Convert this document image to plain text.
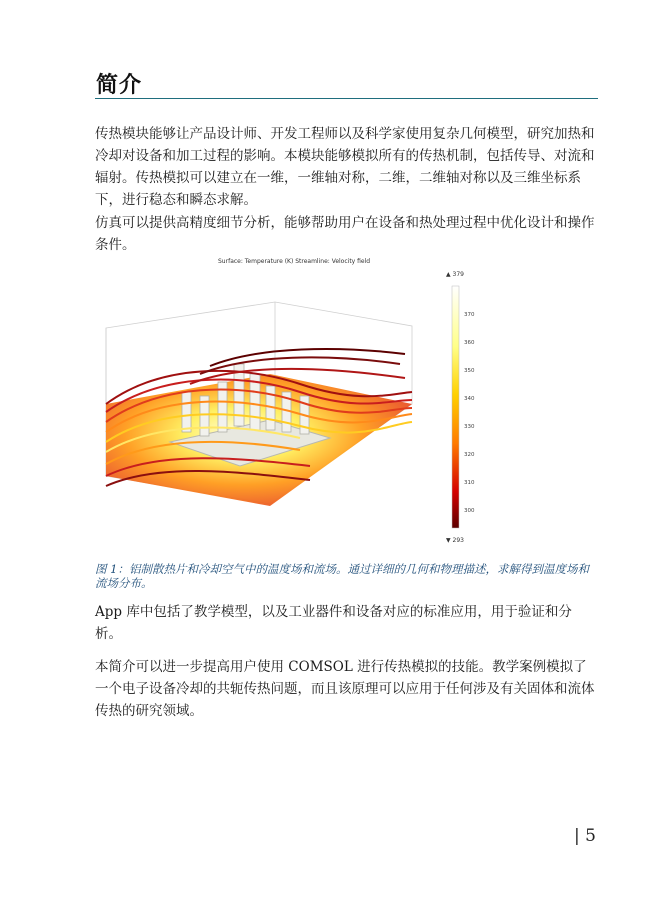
简介

传热模块能够让产品设计师、开发工程师以及科学家使用复杂几何模型，研究加热和冷却对设备和加工过程的影响。本模块能够模拟所有的传热机制，包括传导、对流和辐射。传热模拟可以建立在一维，一维轴对称，二维，二维轴对称以及三维坐标系下，进行稳态和瞬态求解。

仿真可以提供高精度细节分析，能够帮助用户在设备和热处理过程中优化设计和操作条件。

Surface: Temperature (K) Streamline: Velocity field
▲ 379
▼ 293
370
360
350
340
330
320
310
300

图 1：铝制散热片和冷却空气中的温度场和流场。通过详细的几何和物理描述，求解得到温度场和流场分布。

App 库中包括了教学模型，以及工业器件和设备对应的标准应用，用于验证和分析。

本简介可以进一步提高用户使用 COMSOL 进行传热模拟的技能。教学案例模拟了一个电子设备冷却的共轭传热问题，而且该原理可以应用于任何涉及有关固体和流体传热的研究领域。

| 5
